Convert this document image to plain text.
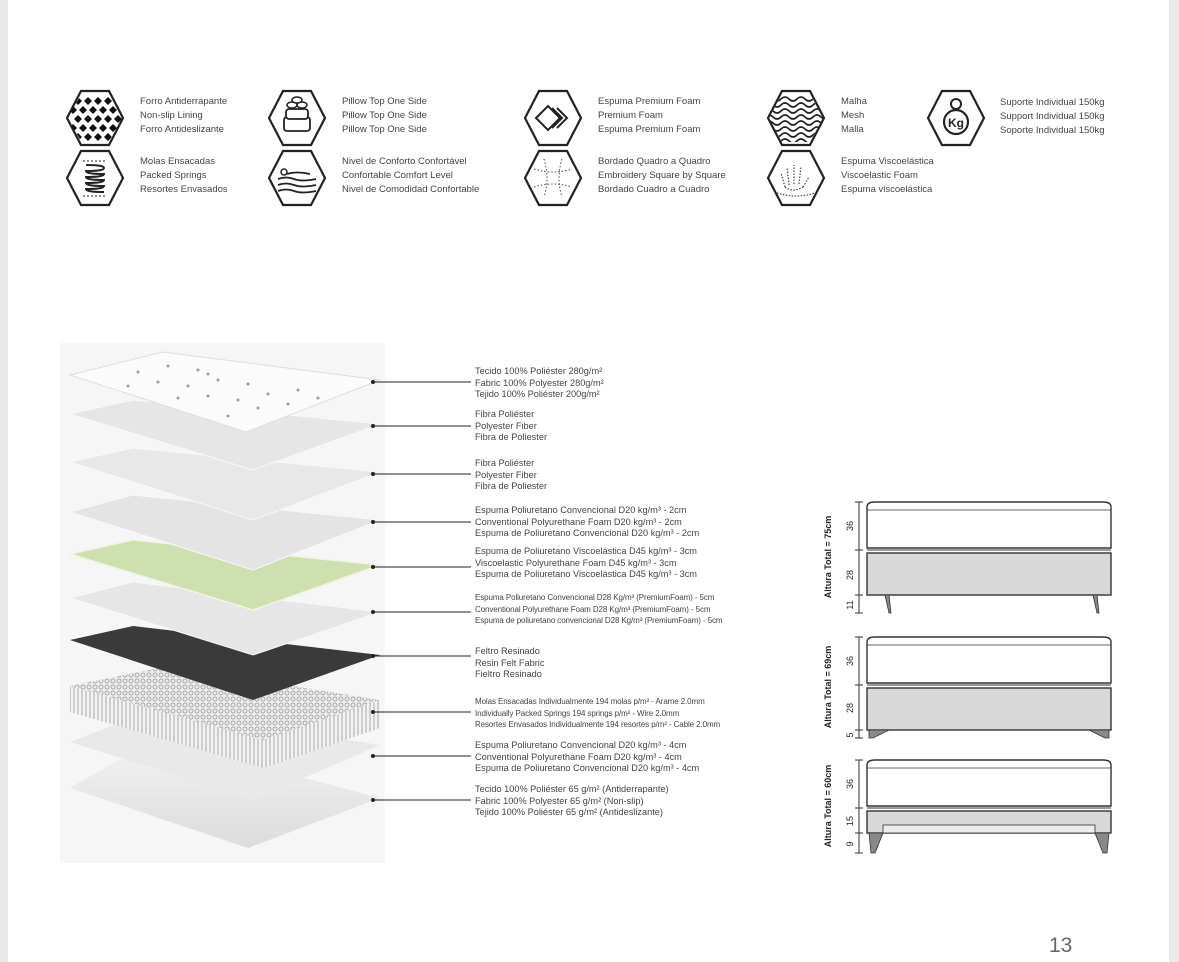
Forro Antiderrapante
Non-slip Lining
Forro Antideslizante
Molas Ensacadas
Packed Springs
Resortes Envasados
Pillow Top One Side
Pillow Top One Side
Pillow Top One Side
Nivel de Conforto Confortável
Confortable Comfort Level
Nivel de Comodidad Confortable
Espuma Premium Foam
Premium Foam
Espuma Premium Foam
Bordado Quadro a Quadro
Embroidery Square by Square
Bordado Cuadro a Cuadro
Malha
Mesh
Malla
Espuma Viscoelástica
Viscoelastic Foam
Espuma viscoelástica
Kg
Suporte Individual 150kg
Support Individual 150kg
Soporte Individual 150kg
Tecido 100% Poliéster 280g/m²
Fabric 100% Polyester 280g/m²
Tejido 100% Poliéster 200g/m²
Fibra Poliéster
Polyester Fiber
Fibra de Poliester
Fibra Poliéster
Polyester Fiber
Fibra de Poliester
Espuma Poliuretano Convencional D20 kg/m³ - 2cm
Conventional Polyurethane Foam D20 kg/m³ - 2cm
Espuma de Poliuretano Convencional D20 kg/m³ - 2cm
Espuma de Poliuretano Viscoelástica D45 kg/m³ - 3cm
Viscoelastic Polyurethane Foam D45 kg/m³ - 3cm
Espuma de Poliuretano Viscoelástica D45 kg/m³ - 3cm
Espuma Poliuretano Convencional D28 Kg/m³ (PremiumFoam) - 5cm
Conventional Polyurethane Foam D28 Kg/m³ (PremiumFoam) - 5cm
Espuma de poliuretano convencional D28 Kg/m³ (PremiumFoam) - 5cm
Feltro Resinado
Resin Felt Fabric
Fieltro Resinado
Molas Ensacadas Individualmente 194 molas p/m² - Arame 2.0mm
Individually Packed Springs 194 springs p/m² - Wire 2.0mm
Resortes Envasados Individualmente 194 resortes p/m² - Cable 2.0mm
Espuma Poliuretano Convencional D20 kg/m³ - 4cm
Conventional Polyurethane Foam D20 kg/m³ - 4cm
Espuma de Poliuretano Convencional D20 kg/m³ - 4cm
Tecido 100% Poliéster 65 g/m² (Antiderrapante)
Fabric 100% Polyester 65 g/m² (Non-slip)
Tejido 100% Poliéster 65 g/m² (Antideslizante)
36
28
11
Altura Total = 75cm
36
28
5
Altura Total = 69cm
36
15
9
Altura Total = 60cm
13
